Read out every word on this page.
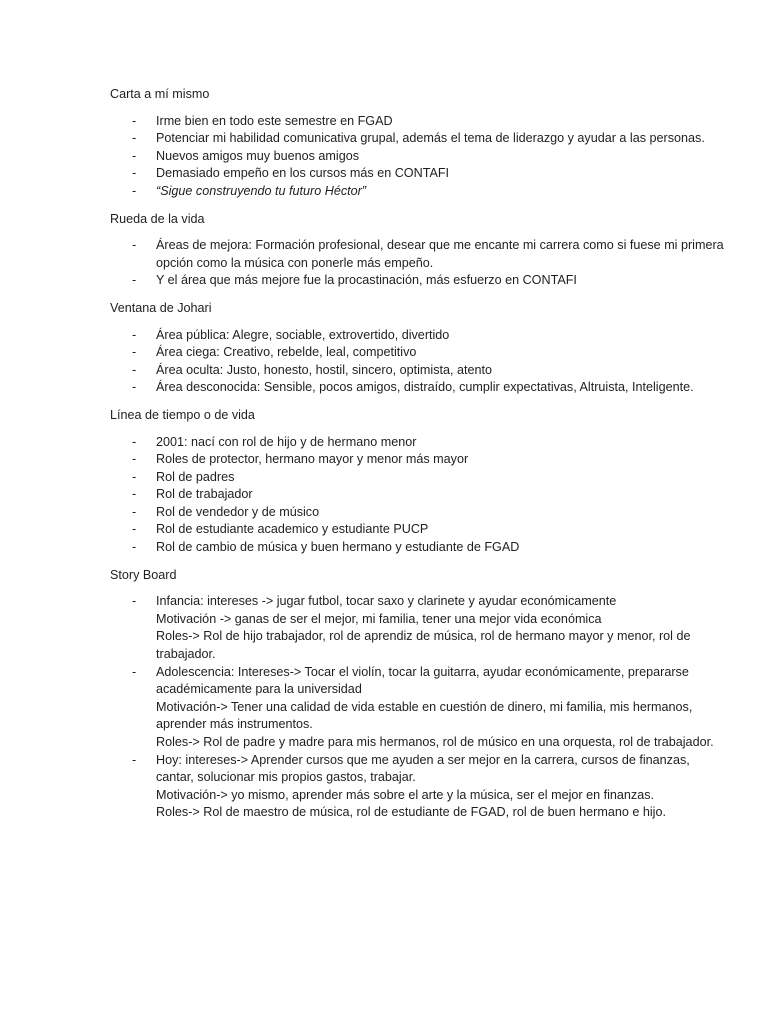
Carta a mí mismo
- Irme bien en todo este semestre en FGAD
- Potenciar mi habilidad comunicativa grupal, además el tema de liderazgo y ayudar a las personas.
- Nuevos amigos muy buenos amigos
- Demasiado empeño en los cursos más en CONTAFI
- “Sigue construyendo tu futuro Héctor”
Rueda de la vida
- Áreas de mejora: Formación profesional, desear que me encante mi carrera como si fuese mi primera opción como la música con ponerle más empeño.
- Y el área que más mejore fue la procastinación, más esfuerzo en CONTAFI
Ventana de Johari
- Área pública: Alegre, sociable, extrovertido, divertido
- Área ciega: Creativo, rebelde, leal, competitivo
- Área oculta: Justo, honesto, hostil, sincero, optimista, atento
- Área desconocida: Sensible, pocos amigos, distraído, cumplir expectativas, Altruista, Inteligente.
Línea de tiempo o de vida
- 2001: nací con rol de hijo y de hermano menor
- Roles de protector, hermano mayor y menor más mayor
- Rol de padres
- Rol de trabajador
- Rol de vendedor y de músico
- Rol de estudiante academico y estudiante PUCP
- Rol de cambio de música y buen hermano y estudiante de FGAD
Story Board
- Infancia: intereses -> jugar futbol, tocar saxo y clarinete y ayudar económicamente
Motivación -> ganas de ser el mejor, mi familia, tener una mejor vida económica
Roles-> Rol de hijo trabajador, rol de aprendiz de música, rol de hermano mayor y menor, rol de trabajador.
- Adolescencia: Intereses-> Tocar el violín, tocar la guitarra, ayudar económicamente, prepararse académicamente para la universidad
Motivación-> Tener una calidad de vida estable en cuestión de dinero, mi familia, mis hermanos, aprender más instrumentos.
Roles-> Rol de padre y madre para mis hermanos, rol de músico en una orquesta, rol de trabajador.
- Hoy: intereses-> Aprender cursos que me ayuden a ser mejor en la carrera, cursos de finanzas, cantar, solucionar mis propios gastos, trabajar.
Motivación-> yo mismo, aprender más sobre el arte y la música, ser el mejor en finanzas.
Roles-> Rol de maestro de música, rol de estudiante de FGAD, rol de buen hermano e hijo.
